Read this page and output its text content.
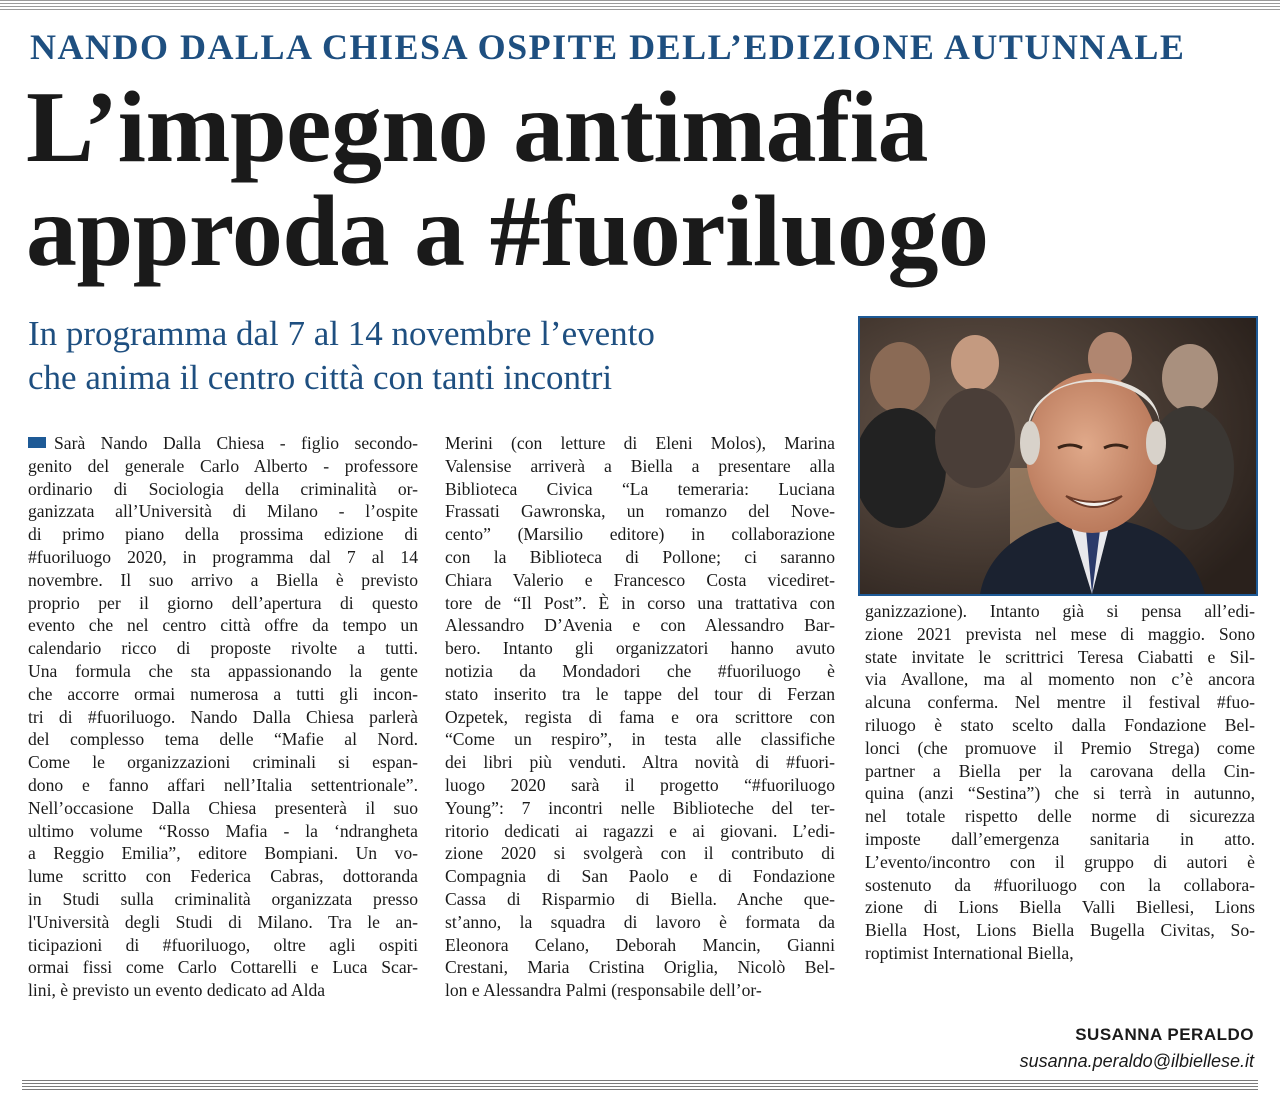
NANDO DALLA CHIESA OSPITE DELL’EDIZIONE AUTUNNALE
L’impegno antimafia
approda a #fuoriluogo
In programma dal 7 al 14 novembre l’evento
che anima il centro città con tanti incontri
Sarà Nando Dalla Chiesa - figlio secondo-
genito del generale Carlo Alberto - professore
ordinario di Sociologia della criminalità or-
ganizzata all’Università di Milano - l’ospite
di primo piano della prossima edizione di
#fuoriluogo 2020, in programma dal 7 al 14
novembre. Il suo arrivo a Biella è previsto
proprio per il giorno dell’apertura di questo
evento che nel centro città offre da tempo un
calendario ricco di proposte rivolte a tutti.
Una formula che sta appassionando la gente
che accorre ormai numerosa a tutti gli incon-
tri di #fuoriluogo. Nando Dalla Chiesa parlerà
del complesso tema delle “Mafie al Nord.
Come le organizzazioni criminali si espan-
dono e fanno affari nell’Italia settentrionale”.
Nell’occasione Dalla Chiesa presenterà il suo
ultimo volume “Rosso Mafia - la ‘ndrangheta
a Reggio Emilia”, editore Bompiani. Un vo-
lume scritto con Federica Cabras, dottoranda
in Studi sulla criminalità organizzata presso
l'Università degli Studi di Milano. Tra le an-
ticipazioni di #fuoriluogo, oltre agli ospiti
ormai fissi come Carlo Cottarelli e Luca Scar-
lini, è previsto un evento dedicato ad Alda
Merini (con letture di Eleni Molos), Marina
Valensise arriverà a Biella a presentare alla
Biblioteca Civica “La temeraria: Luciana
Frassati Gawronska, un romanzo del Nove-
cento” (Marsilio editore) in collaborazione
con la Biblioteca di Pollone; ci saranno
Chiara Valerio e Francesco Costa vicediret-
tore de “Il Post”. È in corso una trattativa con
Alessandro D’Avenia e con Alessandro Bar-
bero. Intanto gli organizzatori hanno avuto
notizia da Mondadori che #fuoriluogo è
stato inserito tra le tappe del tour di Ferzan
Ozpetek, regista di fama e ora scrittore con
“Come un respiro”, in testa alle classifiche
dei libri più venduti. Altra novità di #fuori-
luogo 2020 sarà il progetto “#fuoriluogo
Young”: 7 incontri nelle Biblioteche del ter-
ritorio dedicati ai ragazzi e ai giovani. L’edi-
zione 2020 si svolgerà con il contributo di
Compagnia di San Paolo e di Fondazione
Cassa di Risparmio di Biella. Anche que-
st’anno, la squadra di lavoro è formata da
Eleonora Celano, Deborah Mancin, Gianni
Crestani, Maria Cristina Origlia, Nicolò Bel-
lon e Alessandra Palmi (responsabile dell’or-
ganizzazione). Intanto già si pensa all’edi-
zione 2021 prevista nel mese di maggio. Sono
state invitate le scrittrici Teresa Ciabatti e Sil-
via Avallone, ma al momento non c’è ancora
alcuna conferma. Nel mentre il festival #fuo-
riluogo è stato scelto dalla Fondazione Bel-
lonci (che promuove il Premio Strega) come
partner a Biella per la carovana della Cin-
quina (anzi “Sestina”) che si terrà in autunno,
nel totale rispetto delle norme di sicurezza
imposte dall’emergenza sanitaria in atto.
L’evento/incontro con il gruppo di autori è
sostenuto da #fuoriluogo con la collabora-
zione di Lions Biella Valli Biellesi, Lions
Biella Host, Lions Biella Bugella Civitas, So-
roptimist International Biella,
SUSANNA PERALDO
susanna.peraldo@ilbiellese.it
